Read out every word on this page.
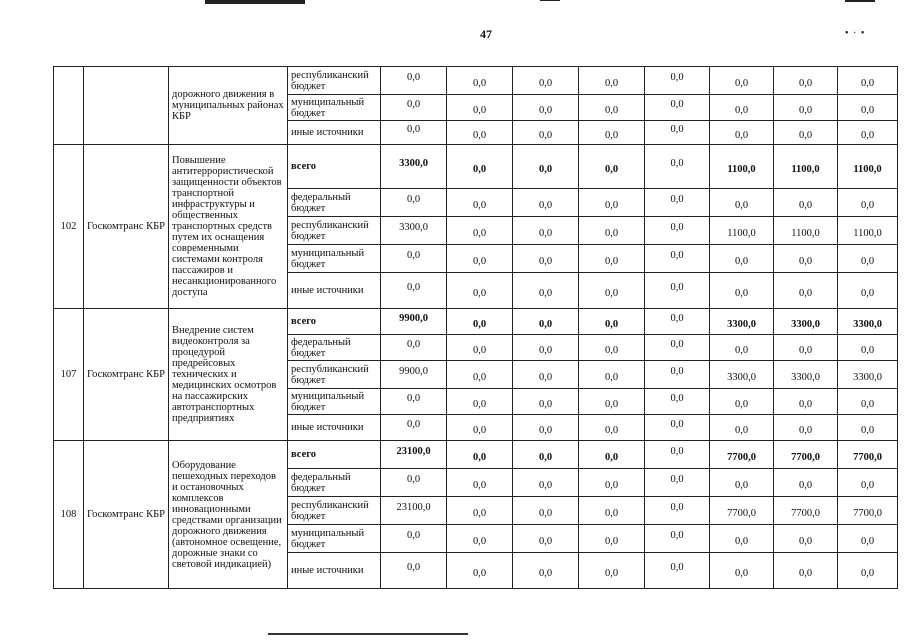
47	• · •
		дорожного движения в муниципальных районах КБР	республиканский бюджет	0,0	0,0	0,0	0,0	0,0	0,0	0,0	0,0

			муниципальный бюджет	0,0	0,0	0,0	0,0	0,0	0,0	0,0	0,0

			иные источники	0,0	0,0	0,0	0,0	0,0	0,0	0,0	0,0

102	Госкомтранс КБР	Повышение антитеррористической защищенности объектов транспортной инфраструктуры и общественных транспортных средств путем их оснащения современными системами контроля пассажиров и несанкционированного доступа	всего	3300,0	0,0	0,0	0,0	0,0	1100,0	1100,0	1100,0

			федеральный бюджет	0,0	0,0	0,0	0,0	0,0	0,0	0,0	0,0

			республиканский бюджет	3300,0	0,0	0,0	0,0	0,0	1100,0	1100,0	1100,0

			муниципальный бюджет	0,0	0,0	0,0	0,0	0,0	0,0	0,0	0,0

			иные источники	0,0	0,0	0,0	0,0	0,0	0,0	0,0	0,0

107	Госкомтранс КБР	Внедрение систем видеоконтроля за процедурой предрейсовых технических и медицинских осмотров на пассажирских автотранспортных предприятиях	всего	9900,0	0,0	0,0	0,0	0,0	3300,0	3300,0	3300,0

			федеральный бюджет	0,0	0,0	0,0	0,0	0,0	0,0	0,0	0,0

			республиканский бюджет	9900,0	0,0	0,0	0,0	0,0	3300,0	3300,0	3300,0

			муниципальный бюджет	0,0	0,0	0,0	0,0	0,0	0,0	0,0	0,0

			иные источники	0,0	0,0	0,0	0,0	0,0	0,0	0,0	0,0

108	Госкомтранс КБР	Оборудование пешеходных переходов и остановочных комплексов инновационными средствами организации дорожного движения (автономное освещение, дорожные знаки со световой индикацией)	всего	23100,0	0,0	0,0	0,0	0,0	7700,0	7700,0	7700,0

			федеральный бюджет	0,0	0,0	0,0	0,0	0,0	0,0	0,0	0,0

			республиканский бюджет	23100,0	0,0	0,0	0,0	0,0	7700,0	7700,0	7700,0

			муниципальный бюджет	0,0	0,0	0,0	0,0	0,0	0,0	0,0	0,0

			иные источники	0,0	0,0	0,0	0,0	0,0	0,0	0,0	0,0
